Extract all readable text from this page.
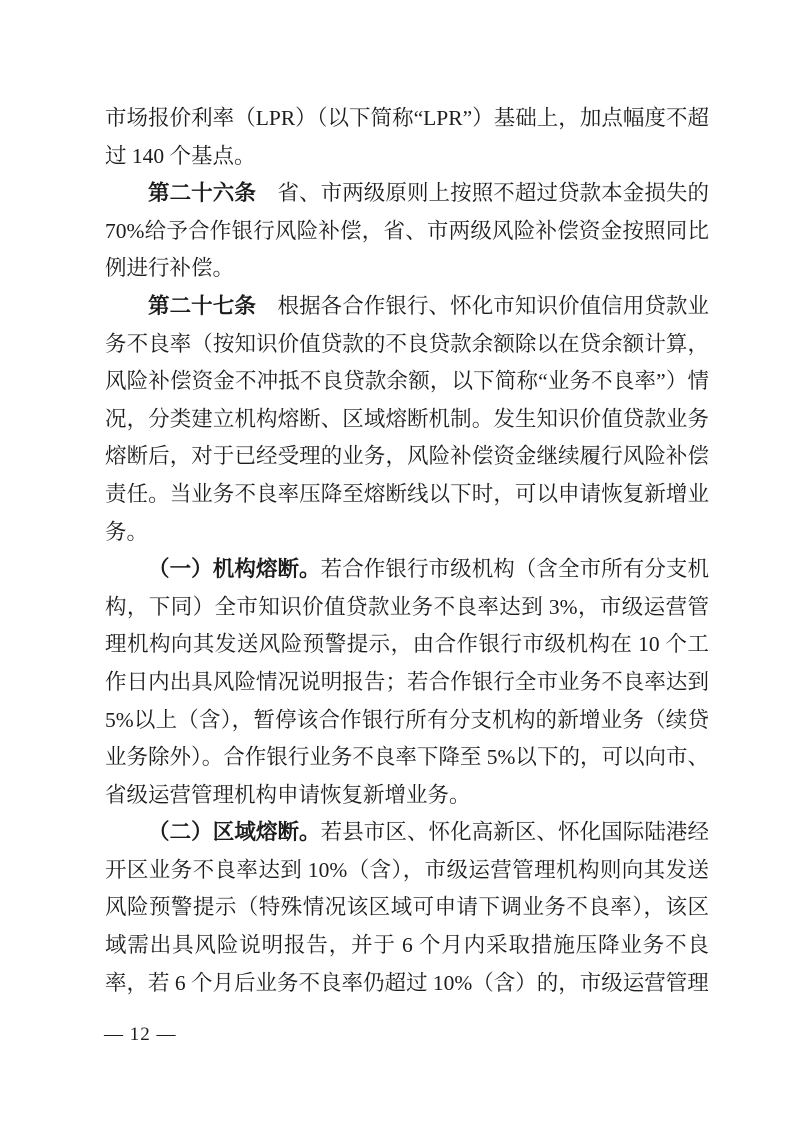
市场报价利率（LPR）（以下简称“LPR”）基础上，加点幅度不超过 140 个基点。

第二十六条　省、市两级原则上按照不超过贷款本金损失的70%给予合作银行风险补偿，省、市两级风险补偿资金按照同比例进行补偿。

第二十七条　根据各合作银行、怀化市知识价值信用贷款业务不良率（按知识价值贷款的不良贷款余额除以在贷余额计算，风险补偿资金不冲抵不良贷款余额，以下简称“业务不良率”）情况，分类建立机构熔断、区域熔断机制。发生知识价值贷款业务熔断后，对于已经受理的业务，风险补偿资金继续履行风险补偿责任。当业务不良率压降至熔断线以下时，可以申请恢复新增业务。

（一）机构熔断。若合作银行市级机构（含全市所有分支机构，下同）全市知识价值贷款业务不良率达到 3%，市级运营管理机构向其发送风险预警提示，由合作银行市级机构在 10 个工作日内出具风险情况说明报告；若合作银行全市业务不良率达到 5%以上（含），暂停该合作银行所有分支机构的新增业务（续贷业务除外）。合作银行业务不良率下降至 5%以下的，可以向市、省级运营管理机构申请恢复新增业务。

（二）区域熔断。若县市区、怀化高新区、怀化国际陆港经开区业务不良率达到 10%（含），市级运营管理机构则向其发送风险预警提示（特殊情况该区域可申请下调业务不良率），该区域需出具风险说明报告，并于 6 个月内采取措施压降业务不良率，若 6 个月后业务不良率仍超过 10%（含）的，市级运营管理

— 12 —
